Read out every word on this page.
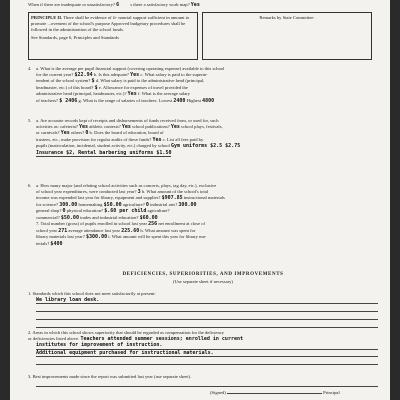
When if there are inadequate or unsatisfactory? 6 s there a satisfactory work map? Yes

PRINCIPLE II. There shall be evidence of fi- nancial support sufficient in amount to promote ...ovement of the school's purpose Approved budgetary procedures shall be followed in the administration of the school funds.

See Standards, page 6, Principles and Standards

Remarks by State Committee:

4. a. What is the average per pupil financial support (covering operating expense) available to this school

for the current year? $22.94 b. Is this adequate? Yes c. What salary is paid to the superin-

tendent of the school system? $ d. What salary is paid to the administrative head (principal,

headmaster, etc.) of this board? $ e. Allowance for expenses of travel provided the

administrative head (principal, headmaster, etc.)? Yes f. What is the average salary

of teachers? $ 2406 g. What is the range of salaries of teachers: Lowest 2400 Highest 4800

5. a. Are accurate records kept of receipts and disbursements of funds received from, or used for, such

activities as: cafeteria? Yes athletic contests? Yes school publications? Yes school plays, festivals,

or carnivals? Yes others? 0 b. Does the board of education, board of

trustees, etc., make provision for regular audits of these funds? Yes c. List all fees paid by

pupils (matriculation, incidental, student activity, etc.) charged by school Gym uniforms $2.5 $2.75

Insurance $2, Rental barbering uniforms $1.50

6. a. How many major (and relating school activities such as concerts, plays, tag day, etc.), exclusive

of school year expenditures, were conducted last year? 3 b. What amount of the school's total

income was expended last year for library, equipment and supplies? $907.85 instructional materials

for science? 300.00 homemaking $50.00 agriculture? 0 industrial arts? 300.00

general shop? 0 physical education? $.60 per child agriculture?

commercial? $50.00 trades and industrial education? $60.00

7. Total number (gross) of pupils enrolled in school last year 256 net enrollment at close of

school year 271 average attendance last year 225.60 h. What amount was spent for

library materials last year? $300.00 i. What amount will be spent this year for library ma-

terials? $400

DEFICIENCIES, SUPERIORITIES, AND IMPROVEMENTS

(Use separate sheet if necessary)

1. Standards which this school does not meet satisfactorily at present:

We library loan desk.

2. Areas in which this school shows superiority that should be regarded as compensation for the deficiency

or deficiencies listed above. Teachers attended summer sessions; enrolled in current

institutes for improvement of instruction.

Additional equipment purchased for instructional materials.

3. Best improvements made since the report was submitted last year (use separate sheet).

(Signed)	Principal
